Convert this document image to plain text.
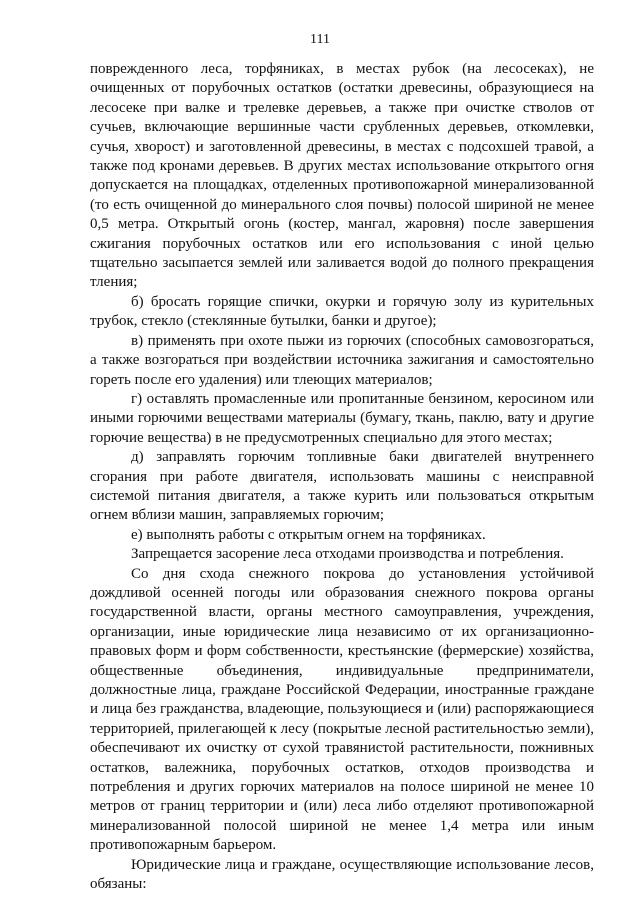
111

поврежденного леса, торфяниках, в местах рубок (на лесосеках), не очищенных от порубочных остатков (остатки древесины, образующиеся на лесосеке при валке и трелевке деревьев, а также при очистке стволов от сучьев, включающие вершинные части срубленных деревьев, откомлевки, сучья, хворост) и заготовленной древесины, в местах с подсохшей травой, а также под кронами деревьев. В других местах использование открытого огня допускается на площадках, отделенных противопожарной минерализованной (то есть очищенной до минерального слоя почвы) полосой шириной не менее 0,5 метра. Открытый огонь (костер, мангал, жаровня) после завершения сжигания порубочных остатков или его использования с иной целью тщательно засыпается землей или заливается водой до полного прекращения тления;

б) бросать горящие спички, окурки и горячую золу из курительных трубок, стекло (стеклянные бутылки, банки и другое);

в) применять при охоте пыжи из горючих (способных самовозгораться, а также возгораться при воздействии источника зажигания и самостоятельно гореть после его удаления) или тлеющих материалов;

г) оставлять промасленные или пропитанные бензином, керосином или иными горючими веществами материалы (бумагу, ткань, паклю, вату и другие горючие вещества) в не предусмотренных специально для этого местах;

д) заправлять горючим топливные баки двигателей внутреннего сгорания при работе двигателя, использовать машины с неисправной системой питания двигателя, а также курить или пользоваться открытым огнем вблизи машин, заправляемых горючим;

е) выполнять работы с открытым огнем на торфяниках.

Запрещается засорение леса отходами производства и потребления.

Со дня схода снежного покрова до установления устойчивой дождливой осенней погоды или образования снежного покрова органы государственной власти, органы местного самоуправления, учреждения, организации, иные юридические лица независимо от их организационно-правовых форм и форм собственности, крестьянские (фермерские) хозяйства, общественные объединения, индивидуальные предприниматели, должностные лица, граждане Российской Федерации, иностранные граждане и лица без гражданства, владеющие, пользующиеся и (или) распоряжающиеся территорией, прилегающей к лесу (покрытые лесной растительностью земли), обеспечивают их очистку от сухой травянистой растительности, пожнивных остатков, валежника, порубочных остатков, отходов производства и потребления и других горючих материалов на полосе шириной не менее 10 метров от границ территории и (или) леса либо отделяют противопожарной минерализованной полосой шириной не менее 1,4 метра или иным противопожарным барьером.

Юридические лица и граждане, осуществляющие использование лесов, обязаны:
